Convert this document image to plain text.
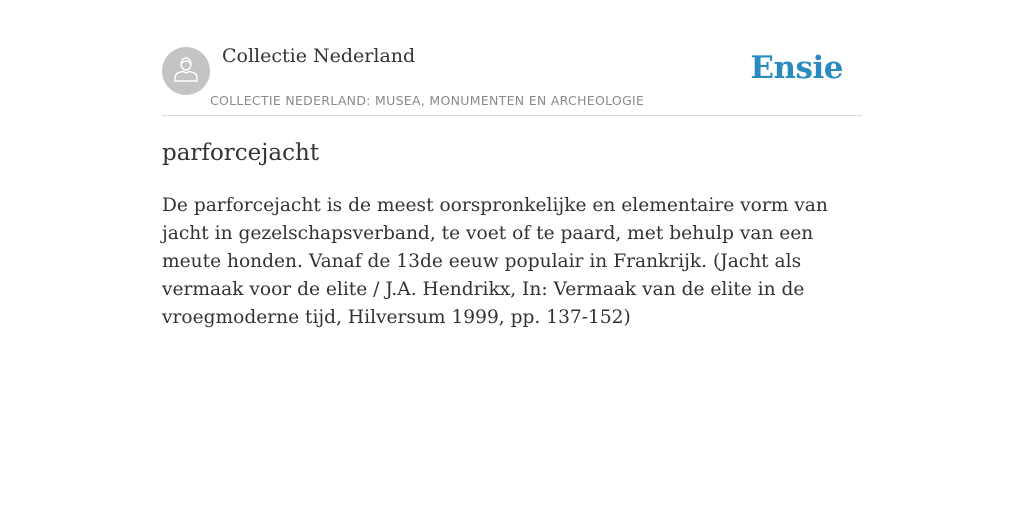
Collectie Nederland
COLLECTIE NEDERLAND: MUSEA, MONUMENTEN EN ARCHEOLOGIE
Ensie
parforcejacht

De parforcejacht is de meest oorspronkelijke en elementaire vorm van jacht in gezelschapsverband, te voet of te paard, met behulp van een meute honden. Vanaf de 13de eeuw populair in Frankrijk. (Jacht als vermaak voor de elite / J.A. Hendrikx, In: Vermaak van de elite in de vroegmoderne tijd, Hilversum 1999, pp. 137-152)
